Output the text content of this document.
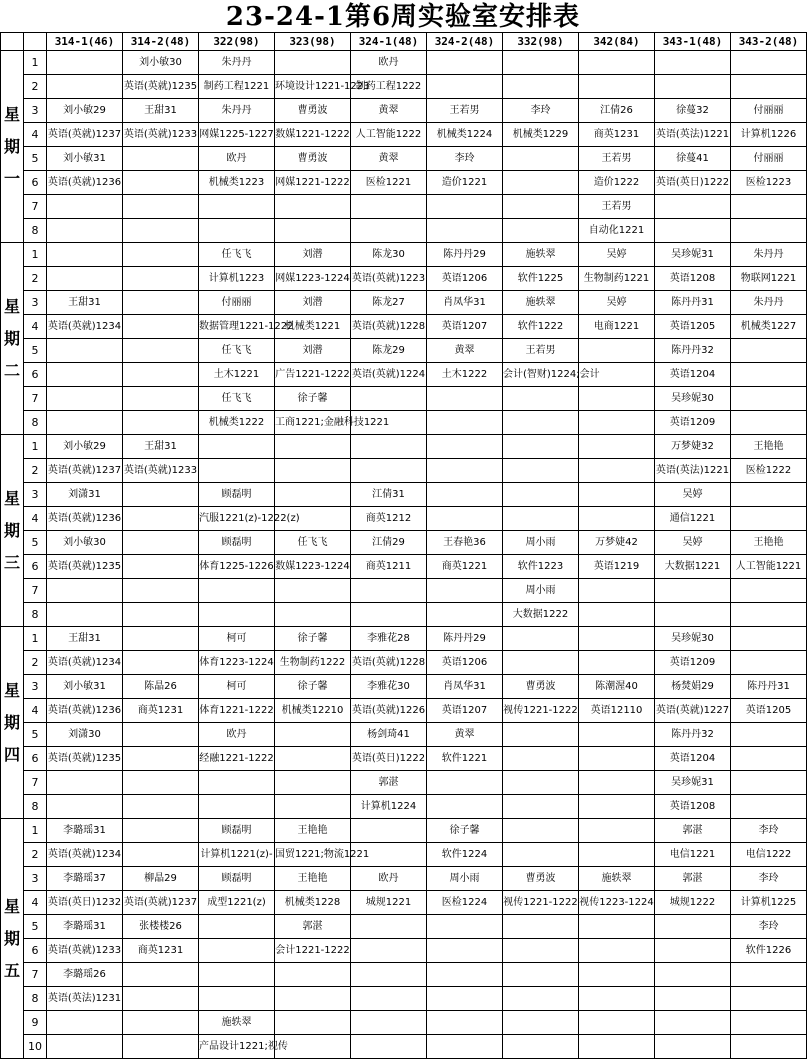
23-24-1第6周实验室安排表
		314-1(46)	314-2(48)	322(98)	323(98)	324-1(48)	324-2(48)	332(98)	342(84)	343-1(48)	343-2(48)

星
期
一	1		刘小敏30	朱丹丹		欧丹					

	2		英语(英就)1235	制药工程1221	环境设计1221-1223	制药工程1222					

	3	刘小敏29	王甜31	朱丹丹	曹勇波	黄翠	王若男	李玲	江倩26	徐蔓32	付丽丽

	4	英语(英就)1237	英语(英就)1233	网媒1225-1227	数媒1221-1222	人工智能1222	机械类1224	机械类1229	商英1231	英语(英法)1221	计算机1226

	5	刘小敏31		欧丹	曹勇波	黄翠	李玲		王若男	徐蔓41	付丽丽

	6	英语(英就)1236		机械类1223	网媒1221-1222	医检1221	造价1221		造价1222	英语(英日)1222	医检1223

	7								王若男		

	8								自动化1221		

星
期
二	1			任飞飞	刘潜	陈龙30	陈丹丹29	施轶翠	吴婷	吴珍妮31	朱丹丹

	2			计算机1223	网媒1223-1224	英语(英就)1223	英语1206	软件1225	生物制药1221	英语1208	物联网1221

	3	王甜31		付丽丽	刘潜	陈龙27	肖凤华31	施轶翠	吴婷	陈丹丹31	朱丹丹

	4	英语(英就)1234		数据管理1221-1222	机械类1221	英语(英就)1228	英语1207	软件1222	电商1221	英语1205	机械类1227

	5			任飞飞	刘潜	陈龙29	黄翠	王若男		陈丹丹32	

	6			土木1221	广告1221-1222	英语(英就)1224	土木1222	会计(智财)1224;会计		英语1204	

	7			任飞飞	徐子馨					吴珍妮30	

	8			机械类1222	工商1221;金融科技1221					英语1209	

星
期
三	1	刘小敏29	王甜31							万梦婕32	王艳艳

	2	英语(英就)1237	英语(英就)1233							英语(英法)1221	医检1222

	3	刘潇31		顾磊明		江倩31				吴婷	

	4	英语(英就)1236		汽服1221(z)-1222(z)		商英1212				通信1221	

	5	刘小敏30		顾磊明	任飞飞	江倩29	王春艳36	周小雨	万梦婕42	吴婷	王艳艳

	6	英语(英就)1235		体育1225-1226	数媒1223-1224	商英1211	商英1221	软件1223	英语1219	大数据1221	人工智能1221

	7							周小雨			

	8							大数据1222			

星
期
四	1	王甜31		柯可	徐子馨	李雅花28	陈丹丹29			吴珍妮30	

	2	英语(英就)1234		体育1223-1224	生物制药1222	英语(英就)1228	英语1206			英语1209	

	3	刘小敏31	陈晶26	柯可	徐子馨	李雅花30	肖凤华31	曹勇波	陈潮渥40	杨焚娟29	陈丹丹31

	4	英语(英就)1236	商英1231	体育1221-1222	机械类12210	英语(英就)1226	英语1207	视传1221-1222	英语12110	英语(英就)1227	英语1205

	5	刘潇30		欧丹		杨剑琦41	黄翠			陈丹丹32	

	6	英语(英就)1235		经融1221-1222		英语(英日)1222	软件1221			英语1204	

	7					郭湛				吴珍妮31	

	8					计算机1224				英语1208	

星
期
五	1	李璐瑶31		顾磊明	王艳艳		徐子馨			郭湛	李玲

	2	英语(英就)1234		计算机1221(z)-	国贸1221;物流1221		软件1224			电信1221	电信1222

	3	李璐瑶37	柳晶29	顾磊明	王艳艳	欧丹	周小雨	曹勇波	施轶翠	郭湛	李玲

	4	英语(英日)1232	英语(英就)1237	成型1221(z)	机械类1228	城规1221	医检1224	视传1221-1222	视传1223-1224	城规1222	计算机1225

	5	李璐瑶31	张楼楼26		郭湛						李玲

	6	英语(英就)1233	商英1231		会计1221-1222						软件1226

	7	李璐瑶26									

	8	英语(英法)1231									

	9			施轶翠							

	10			产品设计1221;视传							
